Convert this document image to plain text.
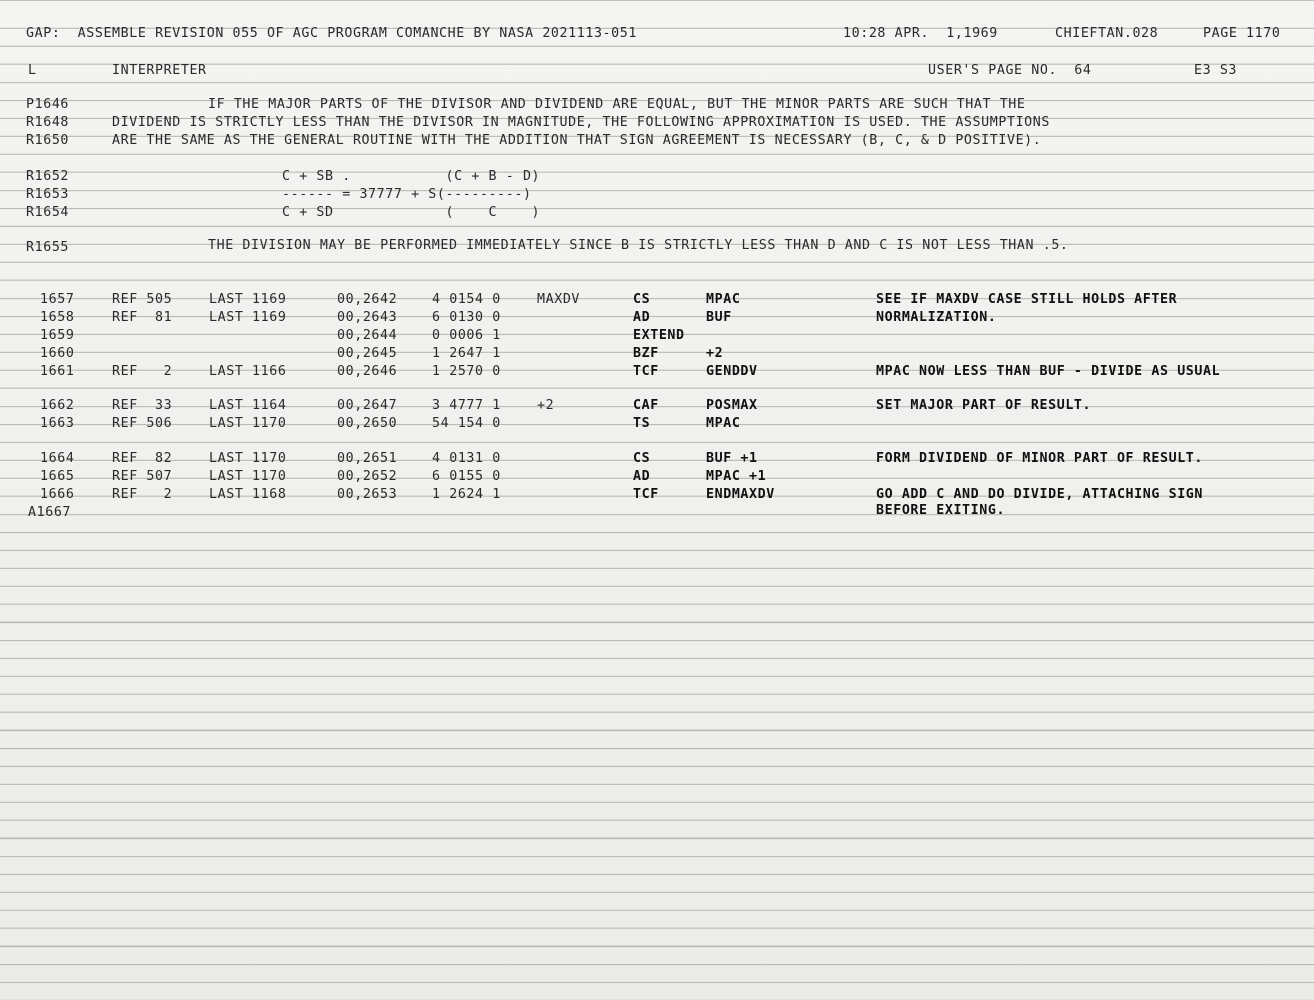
GAP:  ASSEMBLE REVISION 055 OF AGC PROGRAM COMANCHE BY NASA 2021113-051	10:28 APR.  1,1969	CHIEFTAN.028	PAGE 1170
L	INTERPRETER	USER'S PAGE NO.  64	E3 S3
P1646	IF THE MAJOR PARTS OF THE DIVISOR AND DIVIDEND ARE EQUAL, BUT THE MINOR PARTS ARE SUCH THAT THE
R1648	DIVIDEND IS STRICTLY LESS THAN THE DIVISOR IN MAGNITUDE, THE FOLLOWING APPROXIMATION IS USED. THE ASSUMPTIONS
R1650	ARE THE SAME AS THE GENERAL ROUTINE WITH THE ADDITION THAT SIGN AGREEMENT IS NECESSARY (B, C, & D POSITIVE).
R1652	C + SB .           (C + B - D)
R1653	------ = 37777 + S(---------)
R1654	C + SD             (    C    )
R1655	THE DIVISION MAY BE PERFORMED IMMEDIATELY SINCE B IS STRICTLY LESS THAN D AND C IS NOT LESS THAN .5.
1657	REF 505	LAST 1169	00,2642	4 0154 0	MAXDV	CS	MPAC	SEE IF MAXDV CASE STILL HOLDS AFTER
1658	REF  81	LAST 1169	00,2643	6 0130 0	AD	BUF	NORMALIZATION.
1659	00,2644	0 0006 1	EXTEND
1660	00,2645	1 2647 1	BZF	+2
1661	REF   2	LAST 1166	00,2646	1 2570 0	TCF	GENDDV	MPAC NOW LESS THAN BUF - DIVIDE AS USUAL
1662	REF  33	LAST 1164	00,2647	3 4777 1	+2	CAF	POSMAX	SET MAJOR PART OF RESULT.
1663	REF 506	LAST 1170	00,2650	54 154 0	TS	MPAC
1664	REF  82	LAST 1170	00,2651	4 0131 0	CS	BUF +1	FORM DIVIDEND OF MINOR PART OF RESULT.
1665	REF 507	LAST 1170	00,2652	6 0155 0	AD	MPAC +1
1666	REF   2	LAST 1168	00,2653	1 2624 1	TCF	ENDMAXDV	GO ADD C AND DO DIVIDE, ATTACHING SIGN
A1667	BEFORE EXITING.
